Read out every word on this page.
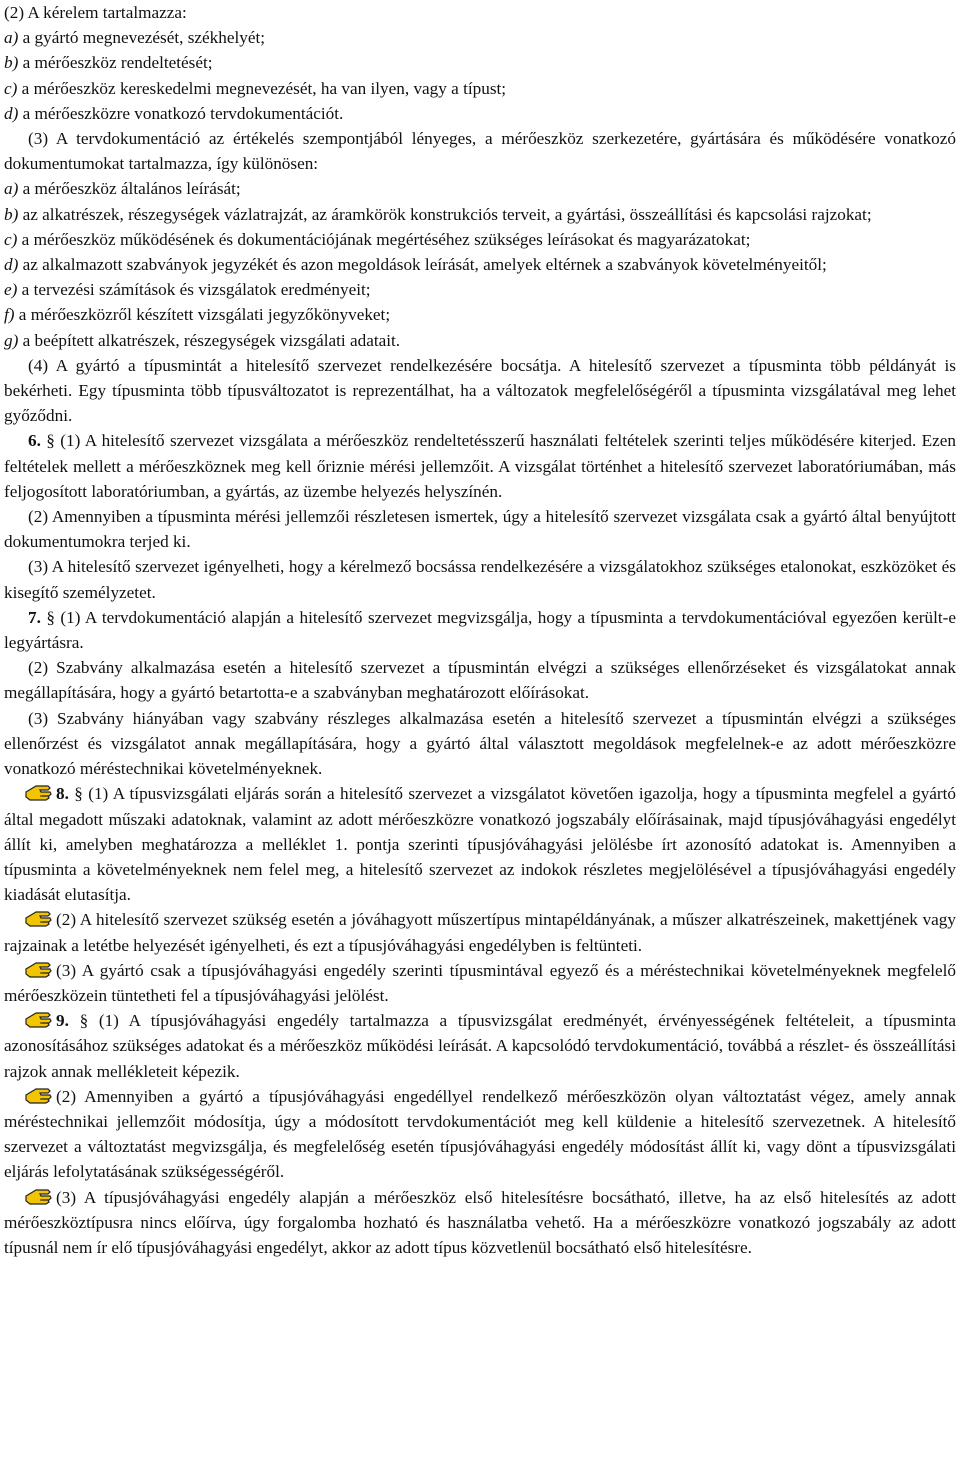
(2) A kérelem tartalmazza:

a) a gyártó megnevezését, székhelyét;

b) a mérőeszköz rendeltetését;

c) a mérőeszköz kereskedelmi megnevezését, ha van ilyen, vagy a típust;

d) a mérőeszközre vonatkozó tervdokumentációt.

(3) A tervdokumentáció az értékelés szempontjából lényeges, a mérőeszköz szerkezetére, gyártására és működésére vonatkozó dokumentumokat tartalmazza, így különösen:

a) a mérőeszköz általános leírását;

b) az alkatrészek, részegységek vázlatrajzát, az áramkörök konstrukciós terveit, a gyártási, összeállítási és kapcsolási rajzokat;

c) a mérőeszköz működésének és dokumentációjának megértéséhez szükséges leírásokat és magyarázatokat;

d) az alkalmazott szabványok jegyzékét és azon megoldások leírását, amelyek eltérnek a szabványok követelményeitől;

e) a tervezési számítások és vizsgálatok eredményeit;

f) a mérőeszközről készített vizsgálati jegyzőkönyveket;

g) a beépített alkatrészek, részegységek vizsgálati adatait.

(4) A gyártó a típusmintát a hitelesítő szervezet rendelkezésére bocsátja. A hitelesítő szervezet a típusminta több példányát is bekérheti. Egy típusminta több típusváltozatot is reprezentálhat, ha a változatok megfelelőségéről a típusminta vizsgálatával meg lehet győződni.

6. § (1) A hitelesítő szervezet vizsgálata a mérőeszköz rendeltetésszerű használati feltételek szerinti teljes működésére kiterjed. Ezen feltételek mellett a mérőeszköznek meg kell őriznie mérési jellemzőit. A vizsgálat történhet a hitelesítő szervezet laboratóriumában, más feljogosított laboratóriumban, a gyártás, az üzembe helyezés helyszínén.

(2) Amennyiben a típusminta mérési jellemzői részletesen ismertek, úgy a hitelesítő szervezet vizsgálata csak a gyártó által benyújtott dokumentumokra terjed ki.

(3) A hitelesítő szervezet igényelheti, hogy a kérelmező bocsássa rendelkezésére a vizsgálatokhoz szükséges etalonokat, eszközöket és kisegítő személyzetet.

7. § (1) A tervdokumentáció alapján a hitelesítő szervezet megvizsgálja, hogy a típusminta a tervdokumentációval egyezően került-e legyártásra.

(2) Szabvány alkalmazása esetén a hitelesítő szervezet a típusmintán elvégzi a szükséges ellenőrzéseket és vizsgálatokat annak megállapítására, hogy a gyártó betartotta-e a szabványban meghatározott előírásokat.

(3) Szabvány hiányában vagy szabvány részleges alkalmazása esetén a hitelesítő szervezet a típusmintán elvégzi a szükséges ellenőrzést és vizsgálatot annak megállapítására, hogy a gyártó által választott megoldások megfelelnek-e az adott mérőeszközre vonatkozó méréstechnikai követelményeknek.

8. § (1) A típusvizsgálati eljárás során a hitelesítő szervezet a vizsgálatot követően igazolja, hogy a típusminta megfelel a gyártó által megadott műszaki adatoknak, valamint az adott mérőeszközre vonatkozó jogszabály előírásainak, majd típusjóváhagyási engedélyt állít ki, amelyben meghatározza a melléklet 1. pontja szerinti típusjóváhagyási jelölésbe írt azonosító adatokat is. Amennyiben a típusminta a követelményeknek nem felel meg, a hitelesítő szervezet az indokok részletes megjelölésével a típusjóváhagyási engedély kiadását elutasítja.

(2) A hitelesítő szervezet szükség esetén a jóváhagyott műszertípus mintapéldányának, a műszer alkatrészeinek, makettjének vagy rajzainak a letétbe helyezését igényelheti, és ezt a típusjóváhagyási engedélyben is feltünteti.

(3) A gyártó csak a típusjóváhagyási engedély szerinti típusmintával egyező és a méréstechnikai követelményeknek megfelelő mérőeszközein tüntetheti fel a típusjóváhagyási jelölést.

9. § (1) A típusjóváhagyási engedély tartalmazza a típusvizsgálat eredményét, érvényességének feltételeit, a típusminta azonosításához szükséges adatokat és a mérőeszköz működési leírását. A kapcsolódó tervdokumentáció, továbbá a részlet- és összeállítási rajzok annak mellékleteit képezik.

(2) Amennyiben a gyártó a típusjóváhagyási engedéllyel rendelkező mérőeszközön olyan változtatást végez, amely annak méréstechnikai jellemzőit módosítja, úgy a módosított tervdokumentációt meg kell küldenie a hitelesítő szervezetnek. A hitelesítő szervezet a változtatást megvizsgálja, és megfelelőség esetén típusjóváhagyási engedély módosítást állít ki, vagy dönt a típusvizsgálati eljárás lefolytatásának szükségességéről.

(3) A típusjóváhagyási engedély alapján a mérőeszköz első hitelesítésre bocsátható, illetve, ha az első hitelesítés az adott mérőeszköztípusra nincs előírva, úgy forgalomba hozható és használatba vehető. Ha a mérőeszközre vonatkozó jogszabály az adott típusnál nem ír elő típusjóváhagyási engedélyt, akkor az adott típus közvetlenül bocsátható első hitelesítésre.
